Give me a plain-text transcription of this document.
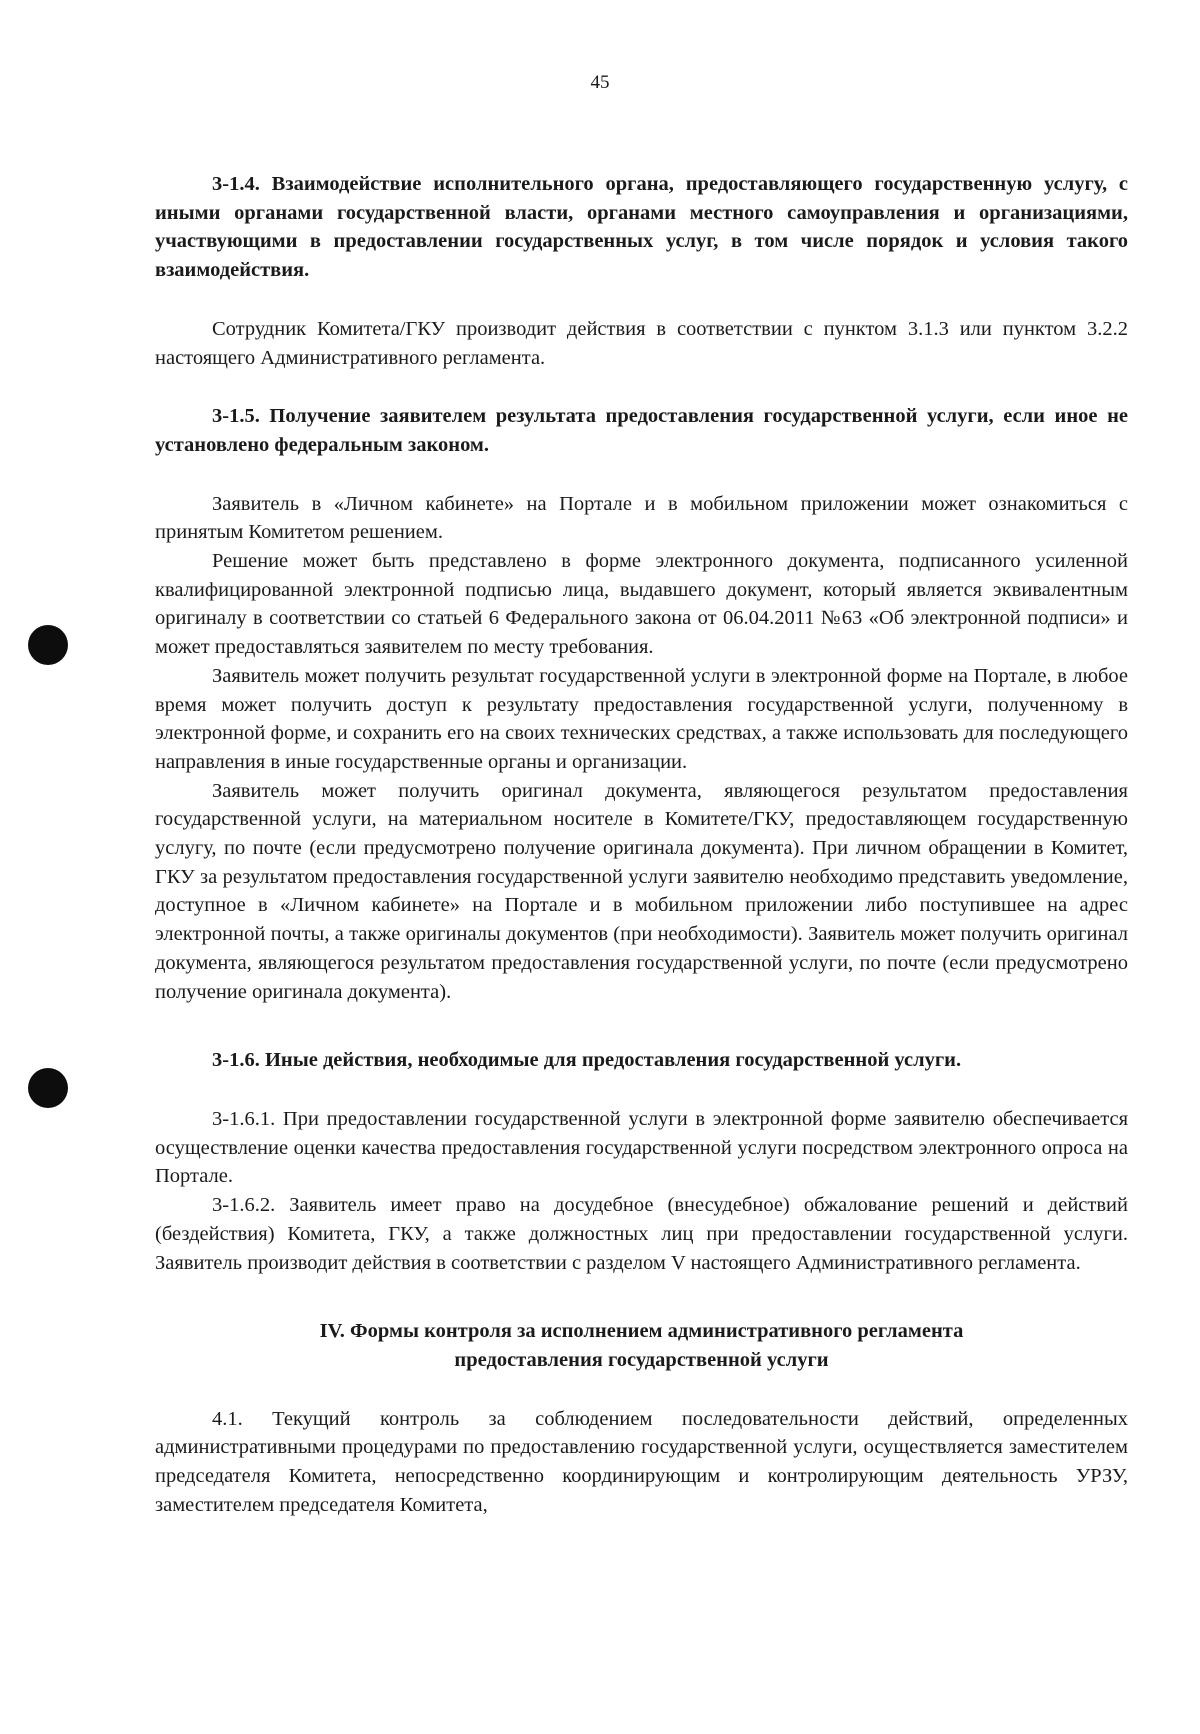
45

3-1.4. Взаимодействие исполнительного органа, предоставляющего государственную услугу, с иными органами государственной власти, органами местного самоуправления и организациями, участвующими в предоставлении государственных услуг, в том числе порядок и условия такого взаимодействия.

Сотрудник Комитета/ГКУ производит действия в соответствии с пунктом 3.1.3 или пунктом 3.2.2 настоящего Административного регламента.

3-1.5. Получение заявителем результата предоставления государственной услуги, если иное не установлено федеральным законом.

Заявитель в «Личном кабинете» на Портале и в мобильном приложении может ознакомиться с принятым Комитетом решением.

Решение может быть представлено в форме электронного документа, подписанного усиленной квалифицированной электронной подписью лица, выдавшего документ, который является эквивалентным оригиналу в соответствии со статьей 6 Федерального закона от 06.04.2011 №63 «Об электронной подписи» и может предоставляться заявителем по месту требования.

Заявитель может получить результат государственной услуги в электронной форме на Портале, в любое время может получить доступ к результату предоставления государственной услуги, полученному в электронной форме, и сохранить его на своих технических средствах, а также использовать для последующего направления в иные государственные органы и организации.

Заявитель может получить оригинал документа, являющегося результатом предоставления государственной услуги, на материальном носителе в Комитете/ГКУ, предоставляющем государственную услугу, по почте (если предусмотрено получение оригинала документа). При личном обращении в Комитет, ГКУ за результатом предоставления государственной услуги заявителю необходимо представить уведомление, доступное в «Личном кабинете» на Портале и в мобильном приложении либо поступившее на адрес электронной почты, а также оригиналы документов (при необходимости). Заявитель может получить оригинал документа, являющегося результатом предоставления государственной услуги, по почте (если предусмотрено получение оригинала документа).

3-1.6. Иные действия, необходимые для предоставления государственной услуги.

3-1.6.1. При предоставлении государственной услуги в электронной форме заявителю обеспечивается осуществление оценки качества предоставления государственной услуги посредством электронного опроса на Портале.

3-1.6.2. Заявитель имеет право на досудебное (внесудебное) обжалование решений и действий (бездействия) Комитета, ГКУ, а также должностных лиц при предоставлении государственной услуги. Заявитель производит действия в соответствии с разделом V настоящего Административного регламента.

IV. Формы контроля за исполнением административного регламента
предоставления государственной услуги

4.1. Текущий контроль за соблюдением последовательности действий, определенных административными процедурами по предоставлению государственной услуги, осуществляется заместителем председателя Комитета, непосредственно координирующим и контролирующим деятельность УРЗУ, заместителем председателя Комитета,
